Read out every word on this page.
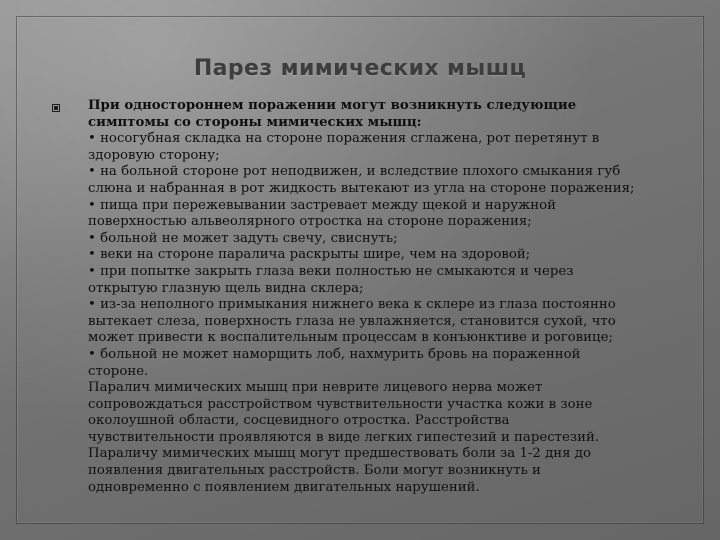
Парез мимических мышц
При одностороннем поражении могут возникнуть следующие
симптомы со стороны мимических мышц:
• носогубная складка на стороне поражения сглажена, рот перетянут в
здоровую сторону;
• на больной стороне рот неподвижен, и вследствие плохого смыкания губ
слюна и набранная в рот жидкость вытекают из угла на стороне поражения;
• пища при пережевывании застревает между щекой и наружной
поверхностью альвеолярного отростка на стороне поражения;
• больной не может задуть свечу, свиснуть;
• веки на стороне паралича раскрыты шире, чем на здоровой;
• при попытке закрыть глаза веки полностью не смыкаются и через
открытую глазную щель видна склера;
• из-за неполного примыкания нижнего века к склере из глаза постоянно
вытекает слеза, поверхность глаза не увлажняется, становится сухой, что
может привести к воспалительным процессам в конъюнктиве и роговице;
• больной не может наморщить лоб, нахмурить бровь на пораженной
стороне.
Паралич мимических мышц при неврите лицевого нерва может
сопровождаться расстройством чувствительности участка кожи в зоне
околоушной области, сосцевидного отростка. Расстройства
чувствительности проявляются в виде легких гипестезий и парестезий.
Параличу мимических мышц могут предшествовать боли за 1-2 дня до
появления двигательных расстройств. Боли могут возникнуть и
одновременно с появлением двигательных нарушений.
